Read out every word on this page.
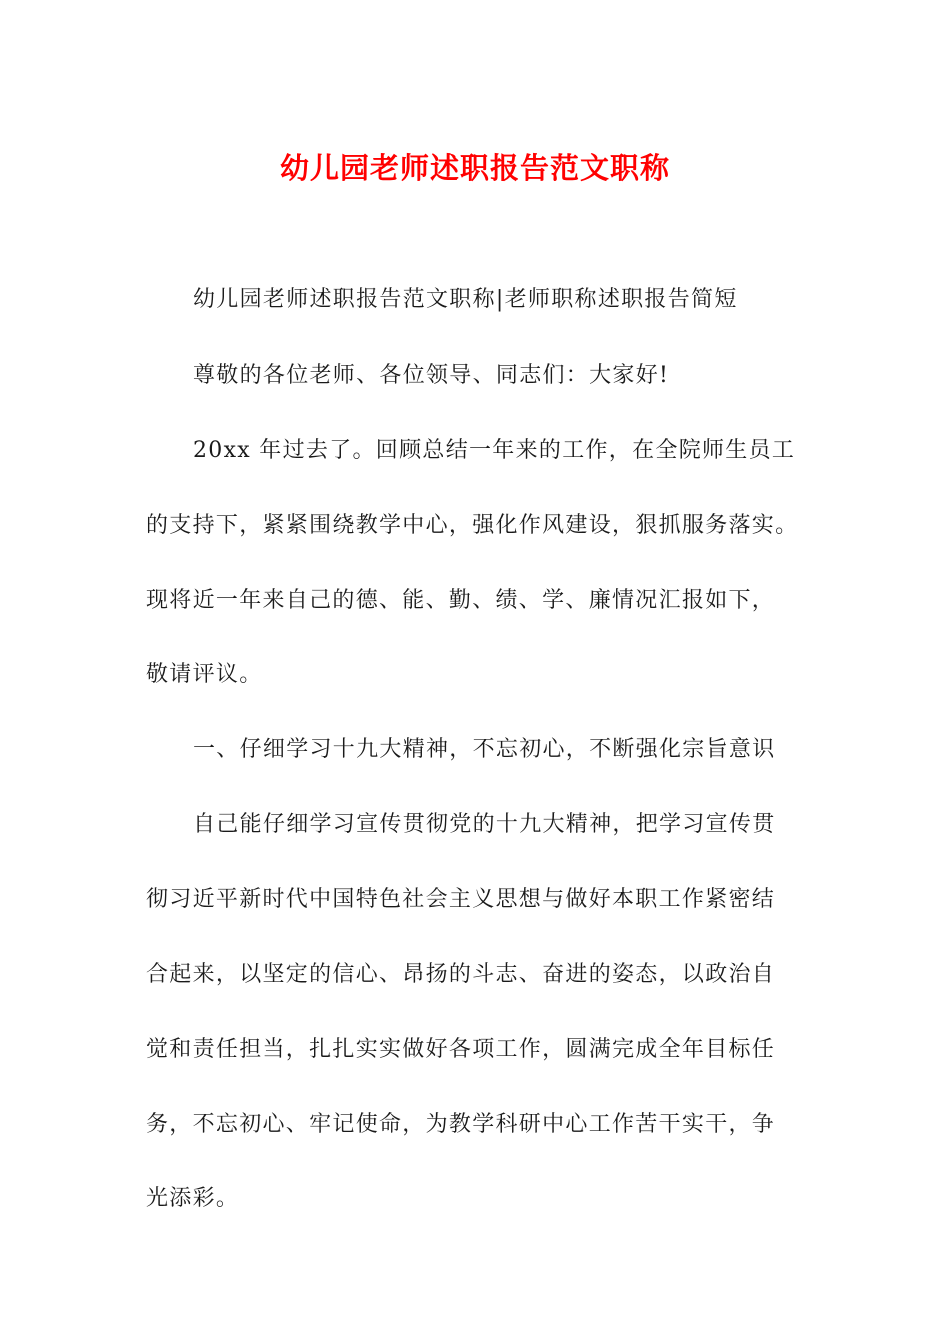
幼儿园老师述职报告范文职称

幼儿园老师述职报告范文职称|老师职称述职报告简短

尊敬的各位老师、各位领导、同志们：大家好!

20xx 年过去了。回顾总结一年来的工作，在全院师生员工

的支持下，紧紧围绕教学中心，强化作风建设，狠抓服务落实。

现将近一年来自己的德、能、勤、绩、学、廉情况汇报如下，

敬请评议。

一、仔细学习十九大精神，不忘初心，不断强化宗旨意识

自己能仔细学习宣传贯彻党的十九大精神，把学习宣传贯

彻习近平新时代中国特色社会主义思想与做好本职工作紧密结

合起来，以坚定的信心、昂扬的斗志、奋进的姿态，以政治自

觉和责任担当，扎扎实实做好各项工作，圆满完成全年目标任

务，不忘初心、牢记使命，为教学科研中心工作苦干实干，争

光添彩。
